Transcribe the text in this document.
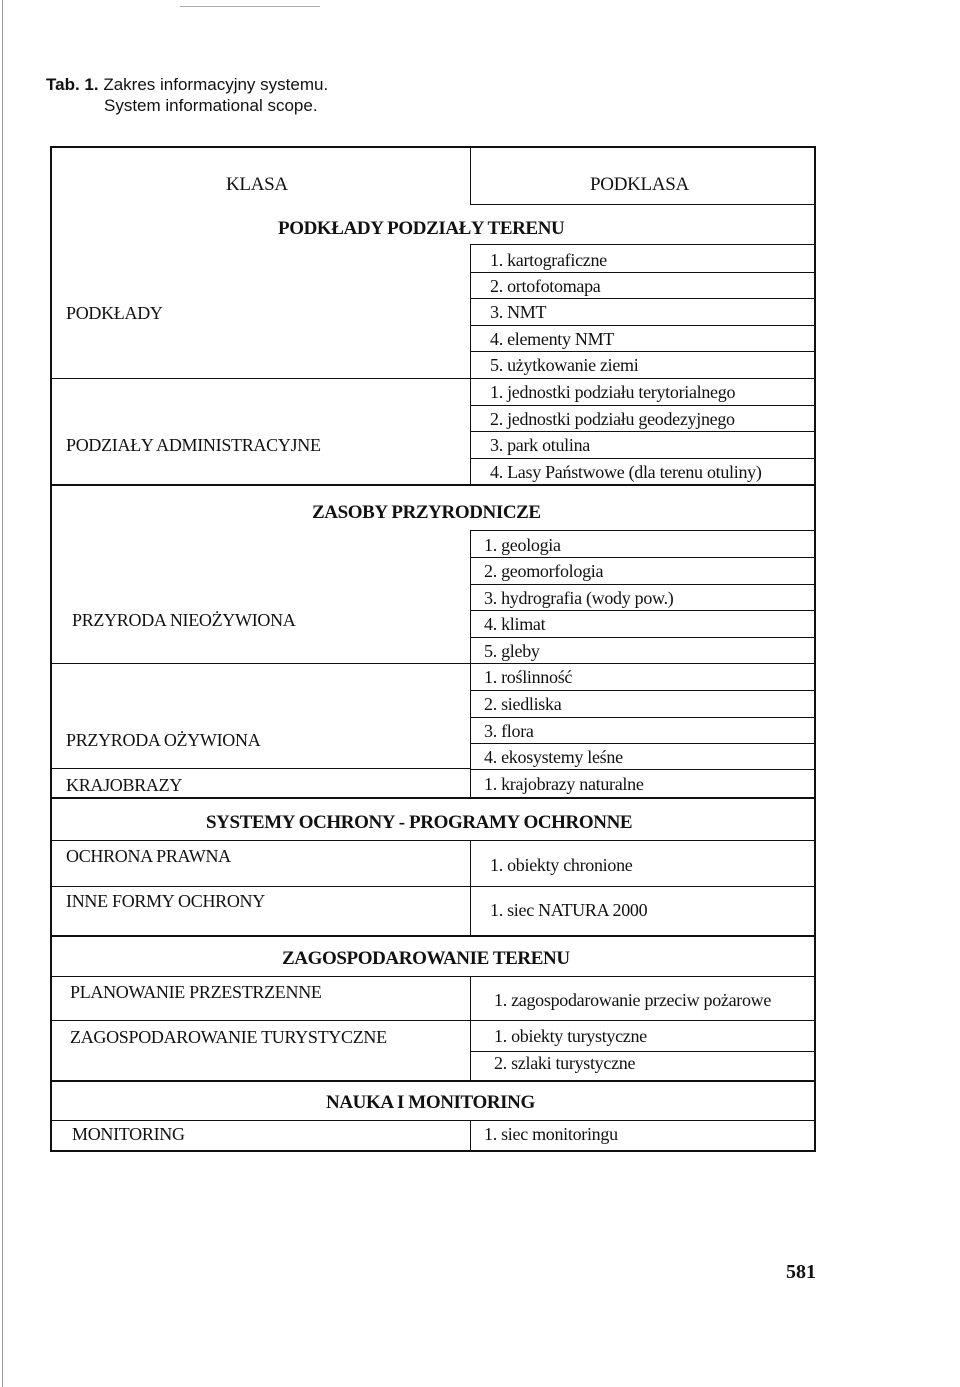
Tab. 1. Zakres informacyjny systemu.
System informational scope.
KLASA	PODKLASA
PODKŁADY PODZIAŁY TERENU
PODKŁADY
PODZIAŁY ADMINISTRACYJNE
1. kartograficzne
2. ortofotomapa
3. NMT
4. elementy NMT
5. użytkowanie ziemi
1. jednostki podziału terytorialnego
2. jednostki podziału geodezyjnego
3. park otulina
4. Lasy Państwowe (dla terenu otuliny)
ZASOBY PRZYRODNICZE
PRZYRODA NIEOŻYWIONA
PRZYRODA OŻYWIONA
KRAJOBRAZY
1. geologia
2. geomorfologia
3. hydrografia (wody pow.)
4. klimat
5. gleby
1. roślinność
2. siedliska
3. flora
4. ekosystemy leśne
1. krajobrazy naturalne
SYSTEMY OCHRONY - PROGRAMY OCHRONNE
OCHRONA PRAWNA
INNE FORMY OCHRONY
1. obiekty chronione
1. siec NATURA 2000
ZAGOSPODAROWANIE TERENU
PLANOWANIE PRZESTRZENNE
ZAGOSPODAROWANIE TURYSTYCZNE
1. zagospodarowanie przeciw pożarowe
1. obiekty turystyczne
2. szlaki turystyczne
NAUKA I MONITORING
MONITORING	1. siec monitoringu
581
